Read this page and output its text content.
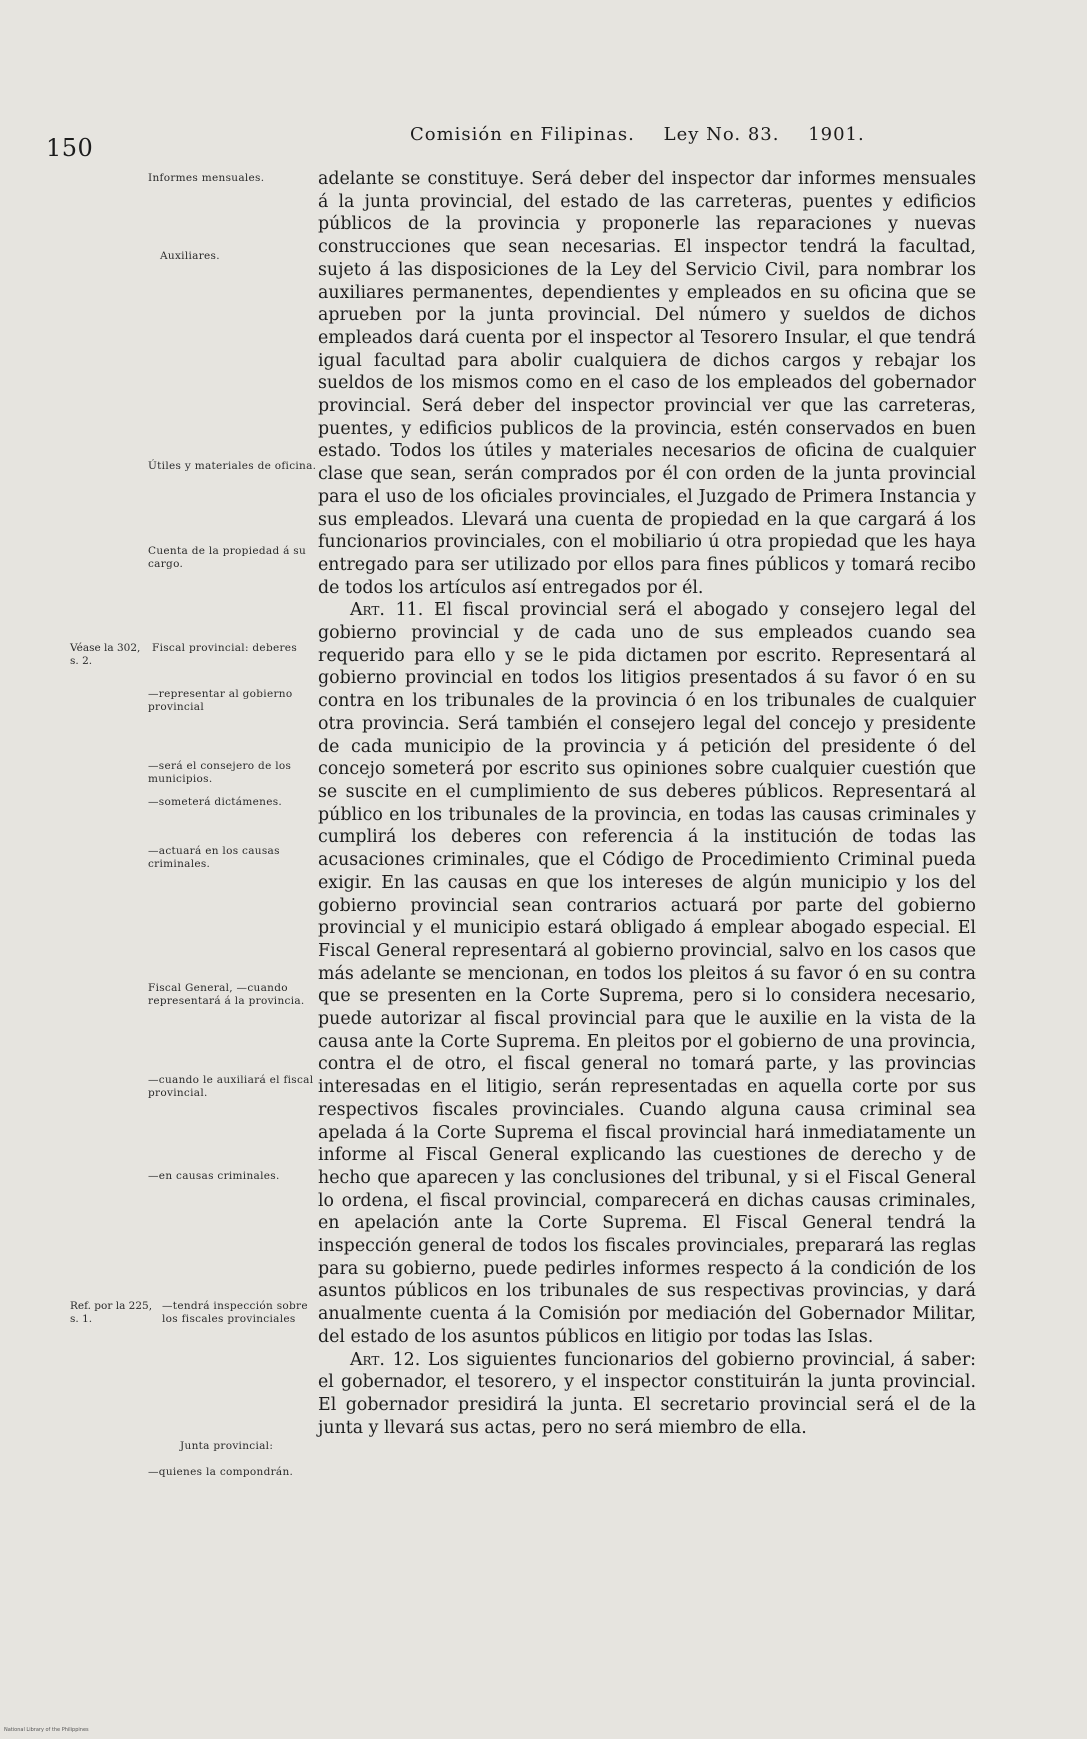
150	Comisión en Filipinas. Ley No. 83. 1901.
Informes mensuales.
Auxiliares.
Útiles y materiales de oficina.
Cuenta de la propiedad á su cargo.
Fiscal provincial: deberes
—representar al gobierno provincial
—será el consejero de los municipios.
—someterá dictámenes.
—actuará en los causas criminales.
Fiscal General, —cuando representará á la provincia.
—cuando le auxiliará el fiscal provincial.
—en causas criminales.
—tendrá inspección sobre los fiscales provinciales
Junta provincial:
—quienes la compondrán.
Véase la 302, s. 2.
Ref. por la 225, s. 1.

adelante se constituye. Será deber del inspector dar informes mensuales á la junta provincial, del estado de las carreteras, puentes y edificios públicos de la provincia y proponerle las reparaciones y nuevas construcciones que sean necesarias. El inspector tendrá la facultad, sujeto á las disposiciones de la Ley del Servicio Civil, para nombrar los auxiliares permanentes, dependientes y empleados en su oficina que se aprueben por la junta provincial. Del número y sueldos de dichos empleados dará cuenta por el inspector al Tesorero Insular, el que tendrá igual facultad para abolir cualquiera de dichos cargos y rebajar los sueldos de los mismos como en el caso de los empleados del gobernador provincial. Será deber del inspector provincial ver que las carreteras, puentes, y edificios publicos de la provincia, estén conservados en buen estado. Todos los útiles y materiales necesarios de oficina de cualquier clase que sean, serán comprados por él con orden de la junta provincial para el uso de los oficiales provinciales, el Juzgado de Primera Instancia y sus empleados. Llevará una cuenta de propiedad en la que cargará á los funcionarios provinciales, con el mobiliario ú otra propiedad que les haya entregado para ser utilizado por ellos para fines públicos y tomará recibo de todos los artículos así entregados por él.

Art. 11. El fiscal provincial será el abogado y consejero legal del gobierno provincial y de cada uno de sus empleados cuando sea requerido para ello y se le pida dictamen por escrito. Representará al gobierno provincial en todos los litigios presentados á su favor ó en su contra en los tribunales de la provincia ó en los tribunales de cualquier otra provincia. Será también el consejero legal del concejo y presidente de cada municipio de la provincia y á petición del presidente ó del concejo someterá por escrito sus opiniones sobre cualquier cuestión que se suscite en el cumplimiento de sus deberes públicos. Representará al público en los tribunales de la provincia, en todas las causas criminales y cumplirá los deberes con referencia á la institución de todas las acusaciones criminales, que el Código de Procedimiento Criminal pueda exigir. En las causas en que los intereses de algún municipio y los del gobierno provincial sean contrarios actuará por parte del gobierno provincial y el municipio estará obligado á emplear abogado especial. El Fiscal General representará al gobierno provincial, salvo en los casos que más adelante se mencionan, en todos los pleitos á su favor ó en su contra que se presenten en la Corte Suprema, pero si lo considera necesario, puede autorizar al fiscal provincial para que le auxilie en la vista de la causa ante la Corte Suprema. En pleitos por el gobierno de una provincia, contra el de otro, el fiscal general no tomará parte, y las provincias interesadas en el litigio, serán representadas en aquella corte por sus respectivos fiscales provinciales. Cuando alguna causa criminal sea apelada á la Corte Suprema el fiscal provincial hará inmediatamente un informe al Fiscal General explicando las cuestiones de derecho y de hecho que aparecen y las conclusiones del tribunal, y si el Fiscal General lo ordena, el fiscal provincial, comparecerá en dichas causas criminales, en apelación ante la Corte Suprema. El Fiscal General tendrá la inspección general de todos los fiscales provinciales, preparará las reglas para su gobierno, puede pedirles informes respecto á la condición de los asuntos públicos en los tribunales de sus respectivas provincias, y dará anualmente cuenta á la Comisión por mediación del Gobernador Militar, del estado de los asuntos públicos en litigio por todas las Islas.

Art. 12. Los siguientes funcionarios del gobierno provincial, á saber: el gobernador, el tesorero, y el inspector constituirán la junta provincial. El gobernador presidirá la junta. El secretario provincial será el de la junta y llevará sus actas, pero no será miembro de ella.

National Library of the Philippines
